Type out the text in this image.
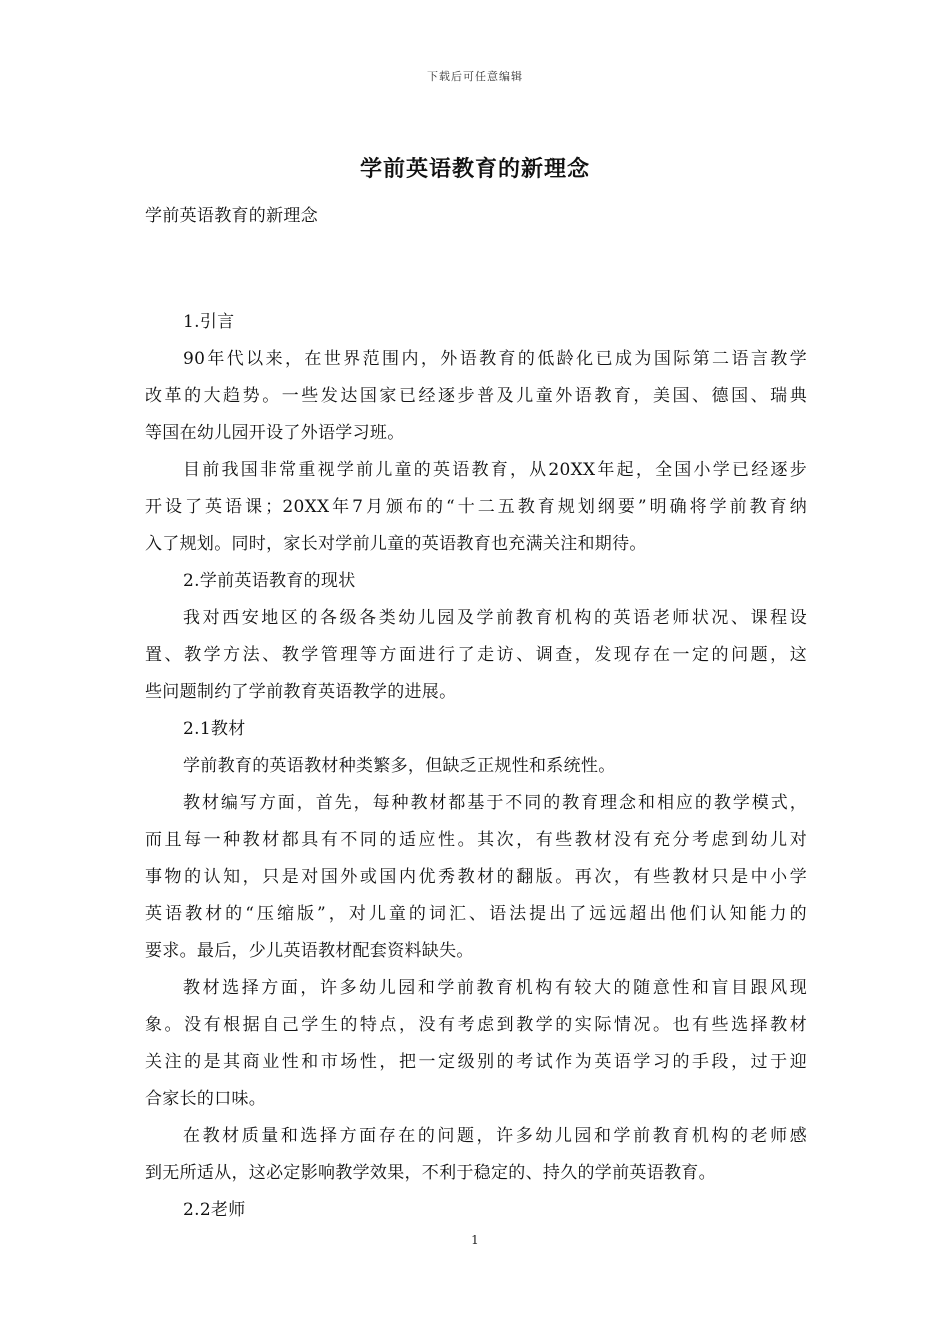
下载后可任意编辑
学前英语教育的新理念

学前英语教育的新理念

1.引言

90年代以来，在世界范围内，外语教育的低龄化已成为国际第二语言教学

改革的大趋势。一些发达国家已经逐步普及儿童外语教育，美国、德国、瑞典

等国在幼儿园开设了外语学习班。

目前我国非常重视学前儿童的英语教育，从20XX年起，全国小学已经逐步

开设了英语课；20XX年7月颁布的“十二五教育规划纲要”明确将学前教育纳

入了规划。同时，家长对学前儿童的英语教育也充满关注和期待。

2.学前英语教育的现状

我对西安地区的各级各类幼儿园及学前教育机构的英语老师状况、课程设

置、教学方法、教学管理等方面进行了走访、调查，发现存在一定的问题，这

些问题制约了学前教育英语教学的进展。

2.1教材

学前教育的英语教材种类繁多，但缺乏正规性和系统性。

教材编写方面，首先，每种教材都基于不同的教育理念和相应的教学模式，

而且每一种教材都具有不同的适应性。其次，有些教材没有充分考虑到幼儿对

事物的认知，只是对国外或国内优秀教材的翻版。再次，有些教材只是中小学

英语教材的“压缩版”，对儿童的词汇、语法提出了远远超出他们认知能力的

要求。最后，少儿英语教材配套资料缺失。

教材选择方面，许多幼儿园和学前教育机构有较大的随意性和盲目跟风现

象。没有根据自己学生的特点，没有考虑到教学的实际情况。也有些选择教材

关注的是其商业性和市场性，把一定级别的考试作为英语学习的手段，过于迎

合家长的口味。

在教材质量和选择方面存在的问题，许多幼儿园和学前教育机构的老师感

到无所适从，这必定影响教学效果，不利于稳定的、持久的学前英语教育。

2.2老师

1
